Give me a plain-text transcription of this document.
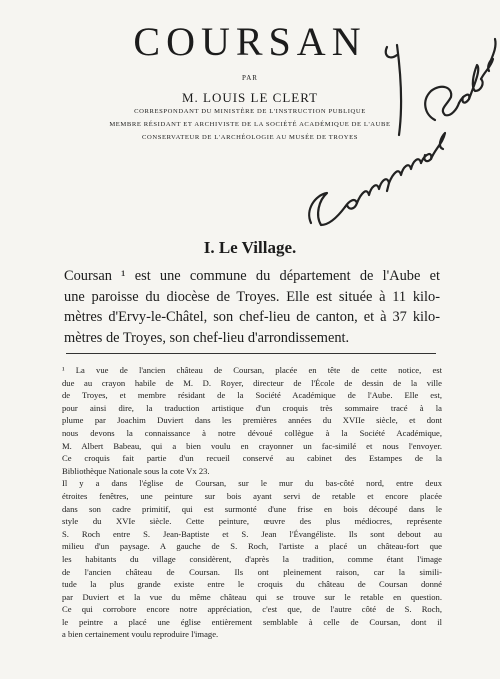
COURSAN
PAR
M. LOUIS LE CLERT
CORRESPONDANT DU MINISTÈRE DE L'INSTRUCTION PUBLIQUE
MEMBRE RÉSIDANT ET ARCHIVISTE DE LA SOCIÉTÉ ACADÉMIQUE DE L'AUBE
CONSERVATEUR DE L'ARCHÉOLOGIE AU MUSÉE DE TROYES
I. Le Village.
Coursan ¹ est une commune du département de l'Aube et
une paroisse du diocèse de Troyes. Elle est située à 11 kilo-
mètres d'Ervy-le-Châtel, son chef-lieu de canton, et à 37 kilo-
mètres de Troyes, son chef-lieu d'arrondissement.
¹ La vue de l'ancien château de Coursan, placée en tête de cette notice, est
due au crayon habile de M. D. Royer, directeur de l'École de dessin de la ville
de Troyes, et membre résidant de la Société Académique de l'Aube. Elle est,
pour ainsi dire, la traduction artistique d'un croquis très sommaire tracé à la
plume par Joachim Duviert dans les premières années du XVIIe siècle, et dont
nous devons la connaissance à notre dévoué collègue à la Société Académique,
M. Albert Babeau, qui a bien voulu en crayonner un fac-similé et nous l'envoyer.
Ce croquis fait partie d'un recueil conservé au cabinet des Estampes de la
Bibliothèque Nationale sous la cote Vx 23.
Il y a dans l'église de Coursan, sur le mur du bas-côté nord, entre deux
étroites fenêtres, une peinture sur bois ayant servi de retable et encore placée
dans son cadre primitif, qui est surmonté d'une frise en bois découpé dans le
style du XVIe siècle. Cette peinture, œuvre des plus médiocres, représente
S. Roch entre S. Jean-Baptiste et S. Jean l'Évangéliste. Ils sont debout au
milieu d'un paysage. A gauche de S. Roch, l'artiste a placé un château-fort que
les habitants du village considèrent, d'après la tradition, comme étant l'image
de l'ancien château de Coursan. Ils ont pleinement raison, car la simili-
tude la plus grande existe entre le croquis du château de Coursan donné
par Duviert et la vue du même château qui se trouve sur le retable en question.
Ce qui corrobore encore notre appréciation, c'est que, de l'autre côté de S. Roch,
le peintre a placé une église entièrement semblable à celle de Coursan, dont il
a bien certainement voulu reproduire l'image.
